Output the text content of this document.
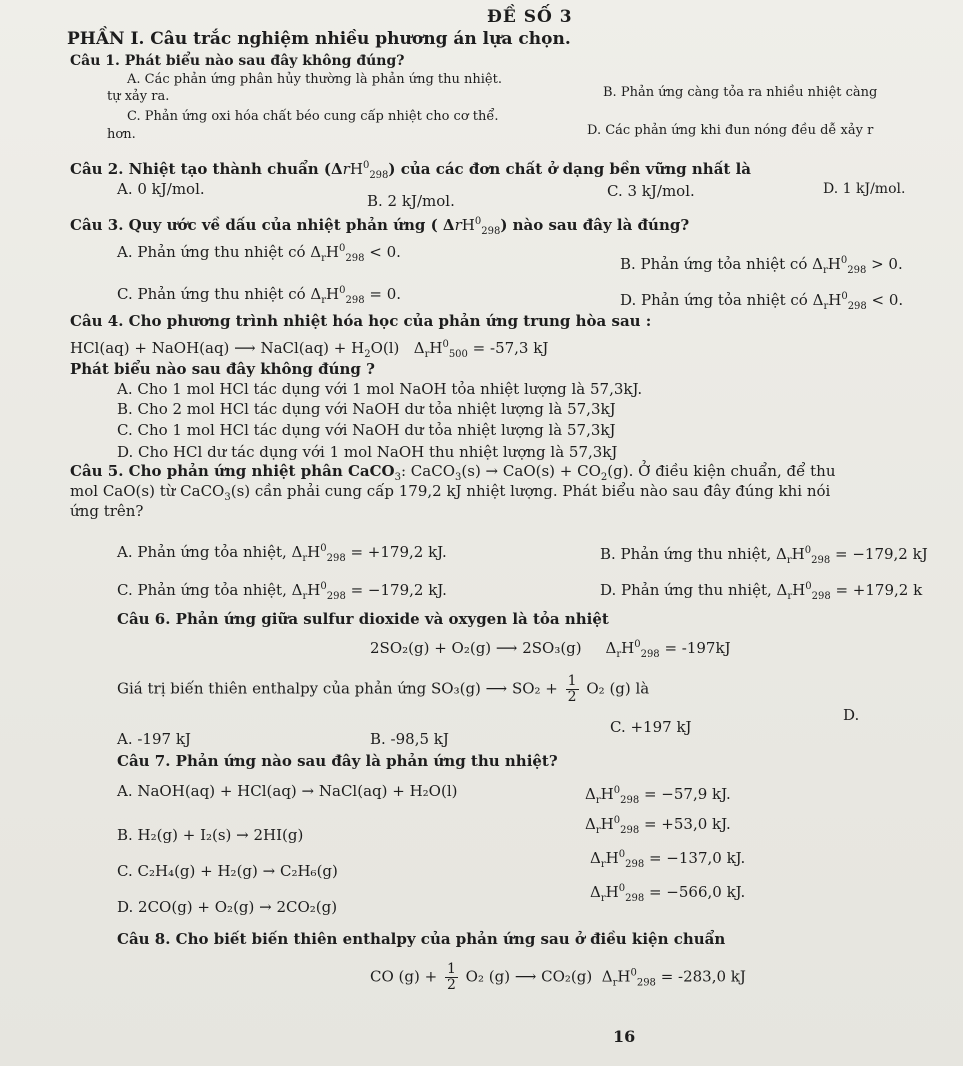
ĐỀ SỐ 3
PHẦN I. Câu trắc nghiệm nhiều phương án lựa chọn.
Câu 1. Phát biểu nào sau đây không đúng?
A. Các phản ứng phân hủy thường là phản ứng thu nhiệt.
tự xảy ra.	B. Phản ứng càng tỏa ra nhiều nhiệt càng
C. Phản ứng oxi hóa chất béo cung cấp nhiệt cho cơ thể.
hơn.	D. Các phản ứng khi đun nóng đều dễ xảy r
Câu 2. Nhiệt tạo thành chuẩn (ΔrH$^0_{298}$) của các đơn chất ở dạng bền vững nhất là
A. 0 kJ/mol.
B. 2 kJ/mol.
C. 3 kJ/mol.	D. 1 kJ/mol.
Câu 3. Quy ước về dấu của nhiệt phản ứng ( ΔrH$^0_{298}$) nào sau đây là đúng?
A. Phản ứng thu nhiệt có $\Delta_rH^0_{298} < 0$.
B. Phản ứng tỏa nhiệt có $\Delta_rH^0_{298} > 0$.
C. Phản ứng thu nhiệt có $\Delta_rH^0_{298} = 0$.	D. Phản ứng tỏa nhiệt có $\Delta_rH^0_{298} < 0$.
Câu 4. Cho phương trình nhiệt hóa học của phản ứng trung hòa sau :
HCl(aq) + NaOH(aq) ⟶ NaCl(aq) + $H_2O(l) \Delta_rH^0_{500} = -57,3$ kJ
Phát biểu nào sau đây không đúng ?
A. Cho 1 mol HCl tác dụng với 1 mol NaOH tỏa nhiệt lượng là 57,3kJ.
B. Cho 2 mol HCl tác dụng với NaOH dư tỏa nhiệt lượng là 57,3kJ
C. Cho 1 mol HCl tác dụng với NaOH dư tỏa nhiệt lượng là 57,3kJ
D. Cho HCl dư tác dụng với 1 mol NaOH thu nhiệt lượng là 57,3kJ
Câu 5. Cho phản ứng nhiệt phân CaCO$_3$: CaCO$_3$(s) → $CaO(s) + CO_2(g)$. Ở điều kiện chuẩn, để thu
mol CaO(s) từ CaCO$_3$(s) cần phải cung cấp 179,2 kJ nhiệt lượng. Phát biểu nào sau đây đúng khi nói
ứng trên?
A. Phản ứng tỏa nhiệt, $\Delta_rH^0_{298} = +179,2$ kJ.	B. Phản ứng thu nhiệt, $\Delta_rH^0_{298} = -179,2$ kJ
C. Phản ứng tỏa nhiệt, $\Delta_rH^0_{298} = -179,2$ kJ.	D. Phản ứng thu nhiệt, $\Delta_rH^0_{298} = +179,2$ k
Câu 6. Phản ứng giữa sulfur dioxide và oxygen là tỏa nhiệt
2SO₂(g) + O₂(g) ⟶ 2SO₃(g)     $\Delta_rH^0_{298} = -197kJ$
Giá trị biến thiên enthalpy của phản ứng SO₃(g) ⟶ $SO_2 + \frac{1}{2} O_2$ (g) là
A. -197 kJ	B. -98,5 kJ
C. +197 kJ
D.
Câu 7. Phản ứng nào sau đây là phản ứng thu nhiệt?
A. NaOH(aq) + HCl(aq) → NaCl(aq) + H₂O(l)	$\Delta_rH^0_{298} = -57,9$ kJ.
B. H₂(g) + I₂(s) → 2HI(g)
$\Delta_rH^0_{298} = +53,0$ kJ.
C. C₂H₄(g) + H₂(g) → C₂H₆(g)
$\Delta_rH^0_{298} = -137,0$ kJ.
D. 2CO(g) + O₂(g) → 2CO₂(g)
$\Delta_rH^0_{298} = -566,0$ kJ.
Câu 8. Cho biết biến thiên enthalpy của phản ứng sau ở điều kiện chuẩn
CO $(g) + \frac{1}{2} O_2$ (g) ⟶ CO₂(g)  $\Delta_rH^0_{298} = -283,0$ kJ
16
